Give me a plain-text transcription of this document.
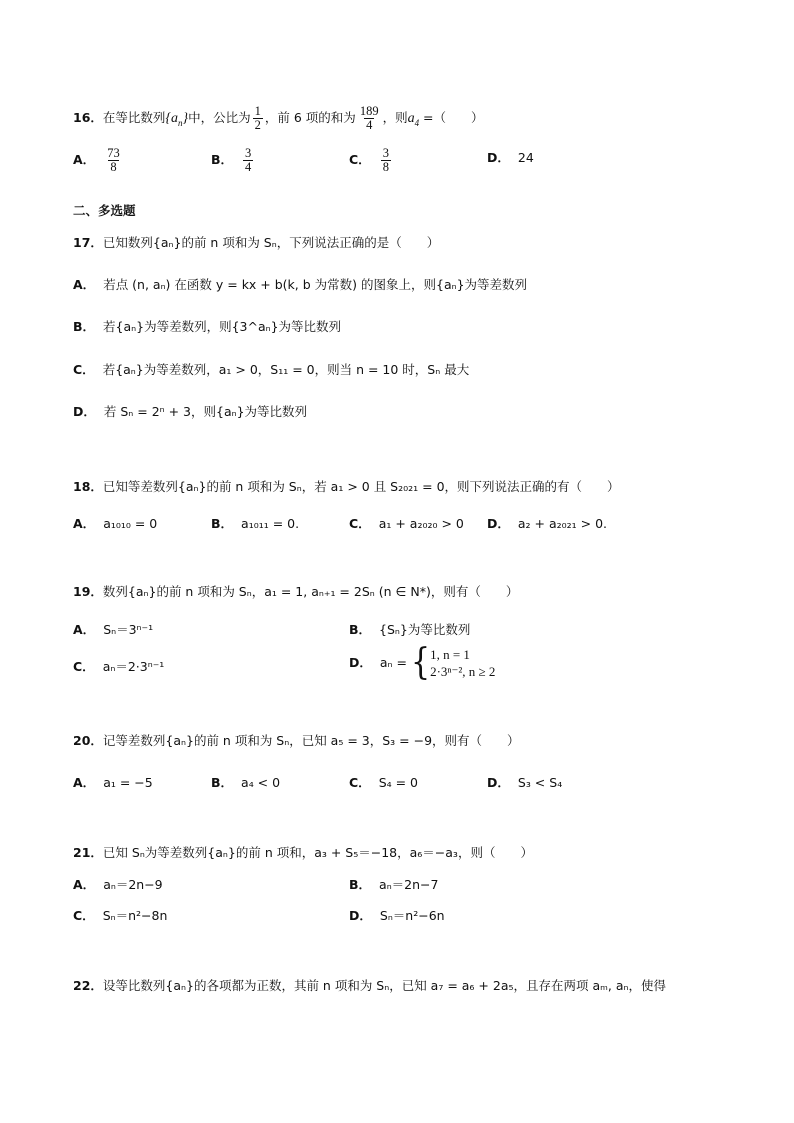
16．在等比数列$\{a_n\}$中，公比为 $\frac{1}{2}$ ，前 6 项的和为 $\frac{189}{4}$ ，则$a_4$ =（　　）
A． $\frac{73}{8}$	B． $\frac{3}{4}$	C． $\frac{3}{8}$	D． 24
二、多选题
17．已知数列{aₙ}的前 n 项和为 Sₙ，下列说法正确的是（　　）
A． 若点 (n, aₙ) 在函数 y = kx + b(k, b 为常数) 的图象上，则{aₙ}为等差数列
B． 若{aₙ}为等差数列，则{3^aₙ}为等比数列
C． 若{aₙ}为等差数列，a₁ > 0，S₁₁ = 0，则当 n = 10 时，Sₙ 最大
D． 若 Sₙ = 2ⁿ + 3，则{aₙ}为等比数列
18．已知等差数列{aₙ}的前 n 项和为 Sₙ，若 a₁ > 0 且 S₂₀₂₁ = 0，则下列说法正确的有（　　）
A． a₁₀₁₀ = 0	B． a₁₀₁₁ = 0.	C． a₁ + a₂₀₂₀ > 0 D． a₂ + a₂₀₂₁ > 0.
19．数列{aₙ}的前 n 项和为 Sₙ，a₁ = 1, aₙ₊₁ = 2Sₙ (n ∈ N*)，则有（　　）
A． Sₙ＝3ⁿ⁻¹	B． {Sₙ}为等比数列
C． aₙ＝2·3ⁿ⁻¹	D． aₙ = { 1, n = 1
2·3ⁿ⁻², n ≥ 2
20．记等差数列{aₙ}的前 n 项和为 Sₙ，已知 a₅ = 3，S₃ = −9，则有（　　）
A． a₁ = −5	B． a₄ < 0	C． S₄ = 0	D． S₃ < S₄
21．已知 Sₙ为等差数列{aₙ}的前 n 项和，a₃ + S₅＝−18，a₆＝−a₃，则（　　）
A． aₙ＝2n−9	B． aₙ＝2n−7
C． Sₙ＝n²−8n	D． Sₙ＝n²−6n
22．设等比数列{aₙ}的各项都为正数，其前 n 项和为 Sₙ，已知 a₇ = a₆ + 2a₅，且存在两项 aₘ, aₙ，使得
